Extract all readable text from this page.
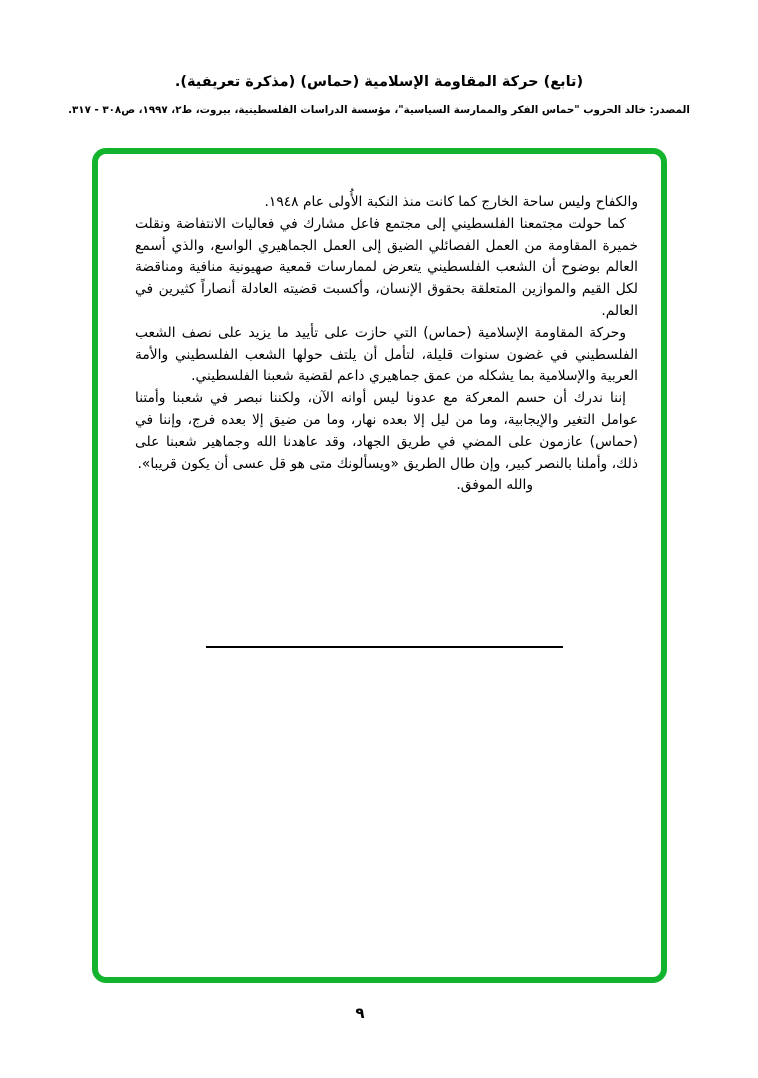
(تابع) حركة المقاومة الإسلامية (حماس) (مذكرة تعريفية).
المصدر: خالد الحروب "حماس الفكر والممارسة السياسية"، مؤسسة الدراسات الفلسطينية، بيروت، ط٢، ١٩٩٧، ص٣٠٨ - ٣١٧.

والكفاح وليس ساحة الخارج كما كانت منذ النكبة الأُولى عام ١٩٤٨.

كما حولت مجتمعنا الفلسطيني إلى مجتمع فاعل مشارك في فعاليات الانتفاضة ونقلت خميرة المقاومة من العمل الفصائلي الضيق إلى العمل الجماهيري الواسع، والذي أسمع العالم بوضوح أن الشعب الفلسطيني يتعرض لممارسات قمعية صهيونية منافية ومناقضة لكل القيم والموازين المتعلقة بحقوق الإنسان، وأكسبت قضيته العادلة أنصاراً كثيرين في العالم.

وحركة المقاومة الإسلامية (حماس) التي حازت على تأييد ما يزيد على نصف الشعب الفلسطيني في غضون سنوات قليلة، لتأمل أن يلتف حولها الشعب الفلسطيني والأمة العربية والإسلامية بما يشكله من عمق جماهيري داعم لقضية شعبنا الفلسطيني.

إننا ندرك أن حسم المعركة مع عدونا ليس أوانه الآن، ولكننا نبصر في شعبنا وأمتنا عوامل التغير والإيجابية، وما من ليل إلا بعده نهار، وما من ضيق إلا بعده فرج، وإننا في (حماس) عازمون على المضي في طريق الجهاد، وقد عاهدنا الله وجماهير شعبنا على ذلك، وأملنا بالنصر كبير، وإن طال الطريق «ويسألونك متى هو قل عسى أن يكون قريبا».

والله الموفق.

٩
